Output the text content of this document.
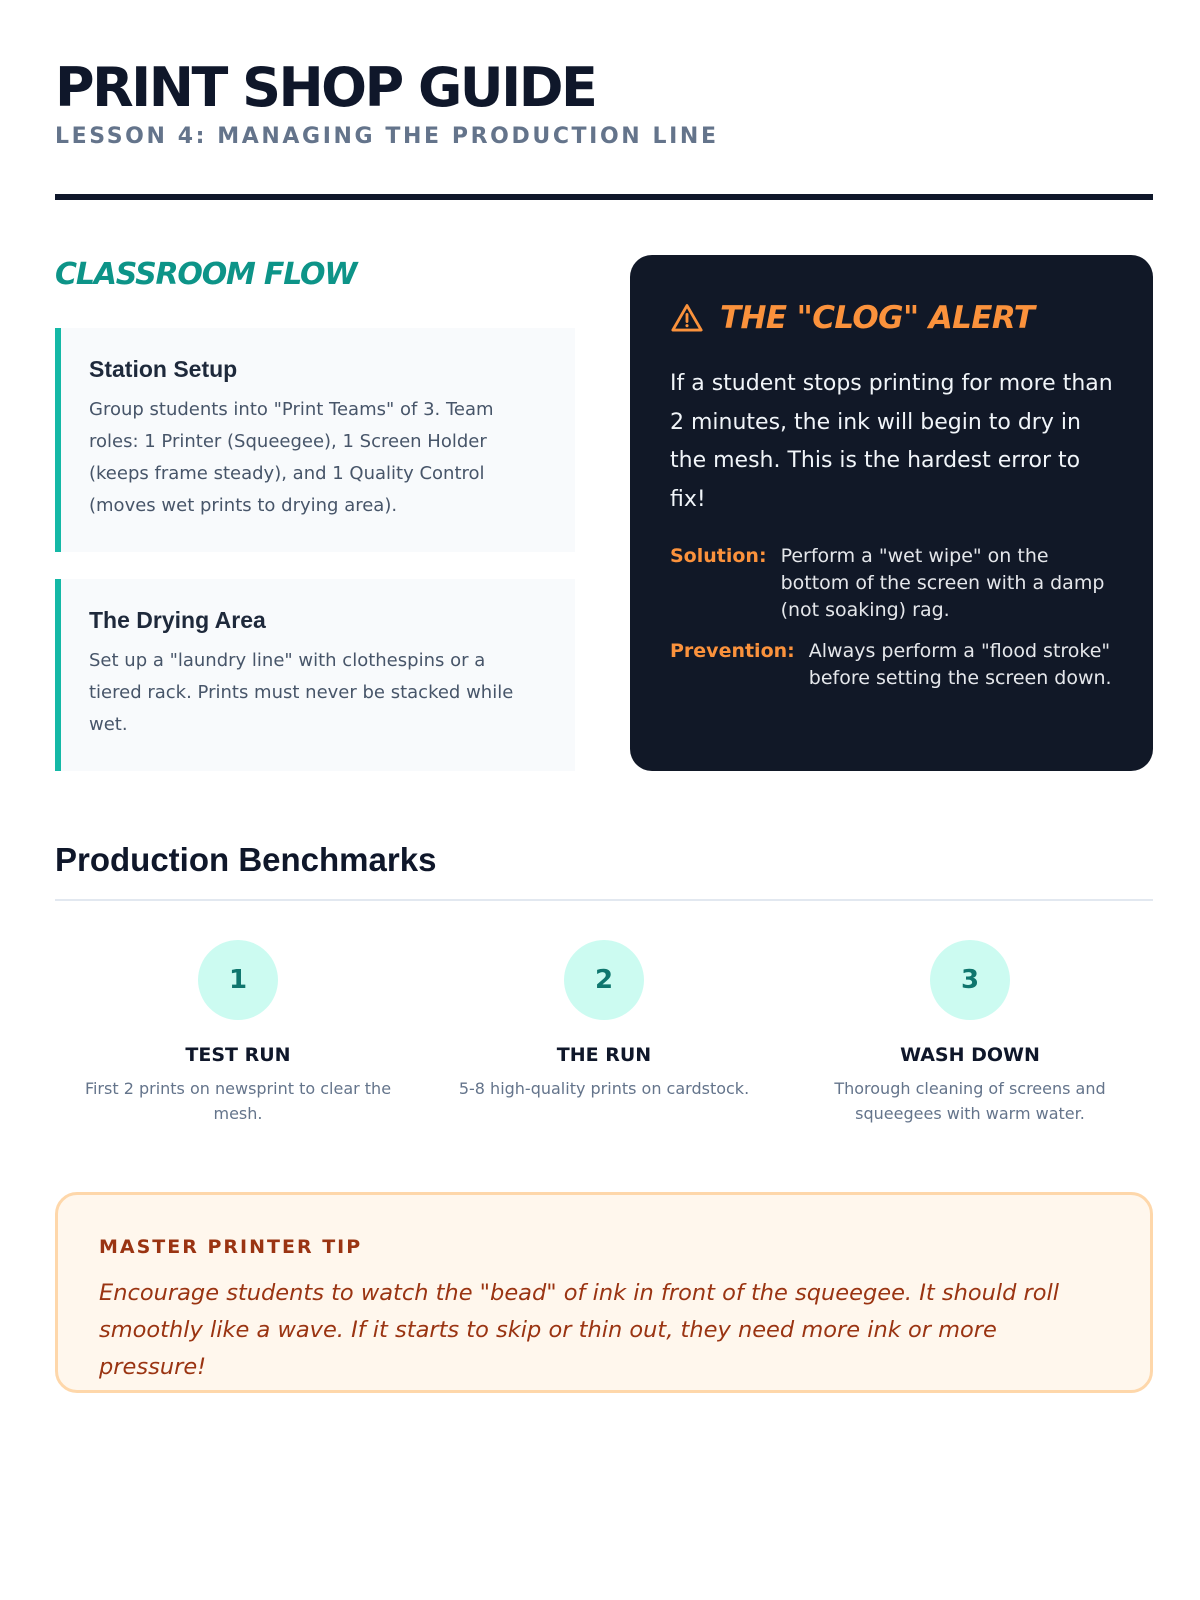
PRINT SHOP GUIDE
LESSON 4: MANAGING THE PRODUCTION LINE
CLASSROOM FLOW
Station Setup

Group students into "Print Teams" of 3. Team roles: 1 Printer (Squeegee), 1 Screen Holder (keeps frame steady), and 1 Quality Control (moves wet prints to drying area).

The Drying Area

Set up a "laundry line" with clothespins or a tiered rack. Prints must never be stacked while wet.

THE "CLOG" ALERT

If a student stops printing for more than 2 minutes, the ink will begin to dry in the mesh. This is the hardest error to fix!

Solution: Perform a "wet wipe" on the bottom of the screen with a damp (not soaking) rag.
Prevention: Always perform a "flood stroke" before setting the screen down.
Production Benchmarks
1
TEST RUN

First 2 prints on newsprint to clear the mesh.

2
THE RUN

5-8 high-quality prints on cardstock.

3
WASH DOWN

Thorough cleaning of screens and squeegees with warm water.

MASTER PRINTER TIP

Encourage students to watch the "bead" of ink in front of the squeegee. It should roll smoothly like a wave. If it starts to skip or thin out, they need more ink or more pressure!
